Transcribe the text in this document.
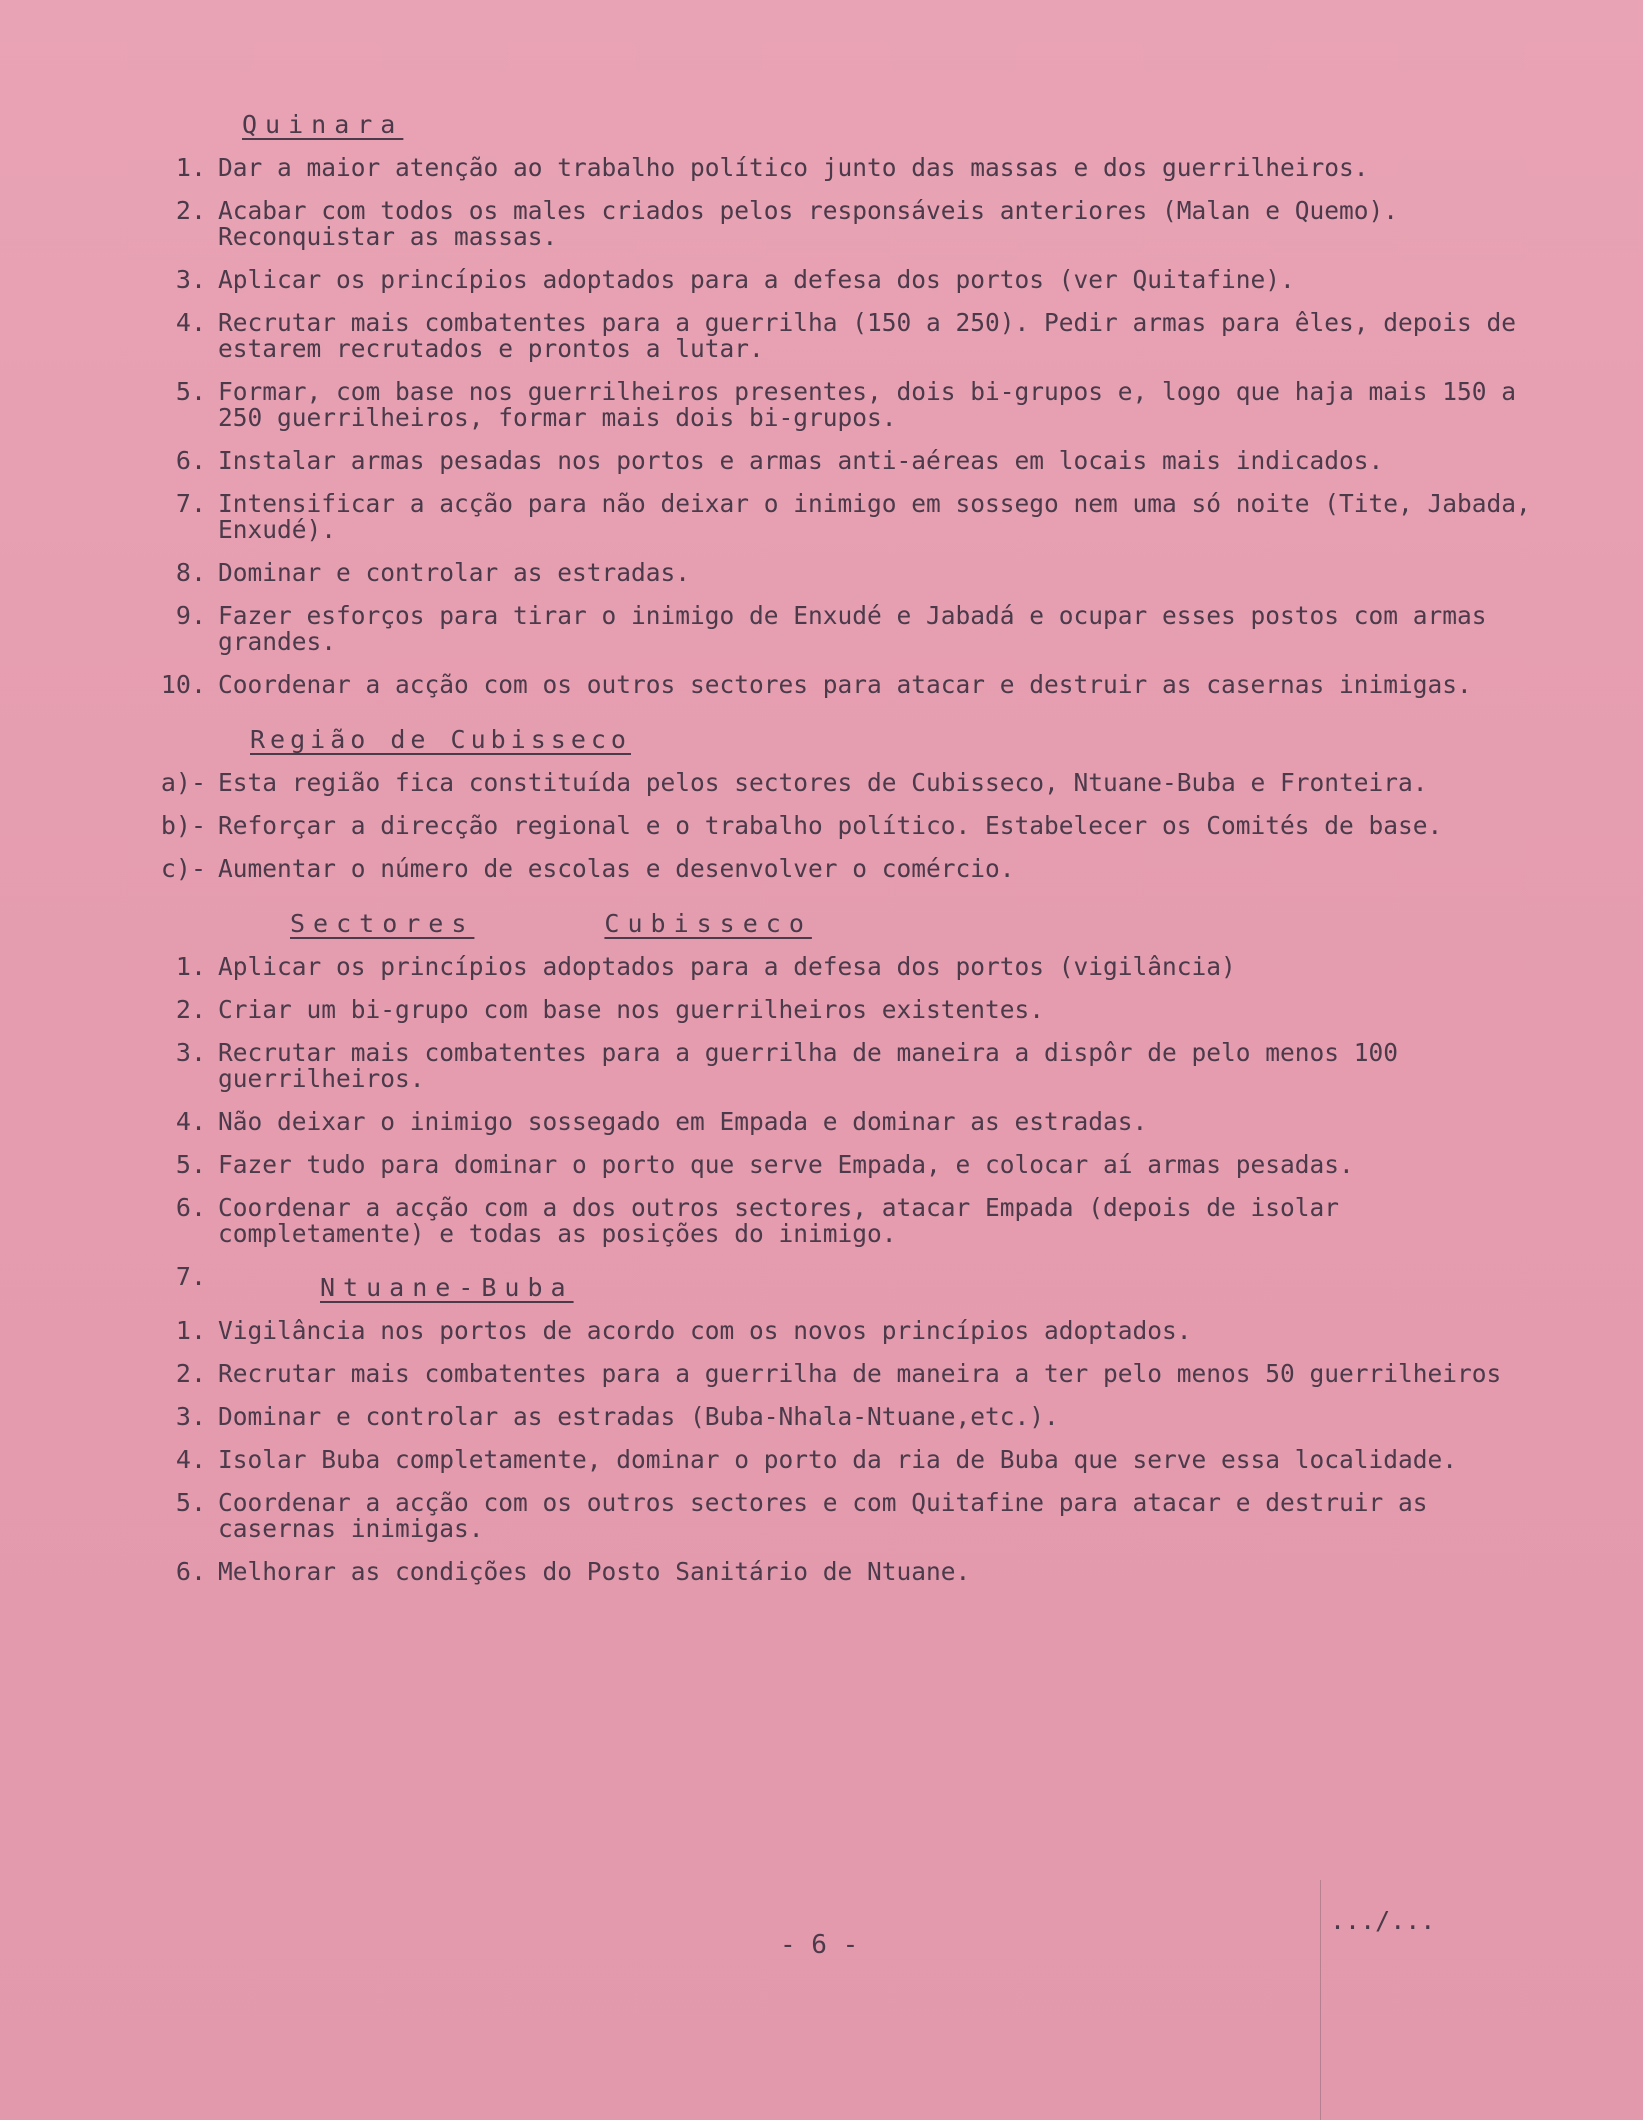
Quinara
1. Dar a maior atenção ao trabalho político junto das massas e dos guerrilheiros.
2. Acabar com todos os males criados pelos responsáveis anteriores (Malan e Quemo). Reconquistar as massas.
3. Aplicar os princípios adoptados para a defesa dos portos (ver Quitafine).
4. Recrutar mais combatentes para a guerrilha (150 a 250). Pedir armas para êles, depois de estarem recrutados e prontos a lutar.
5. Formar, com base nos guerrilheiros presentes, dois bi-grupos e, logo que haja mais 150 a 250 guerrilheiros, formar mais dois bi-grupos.
6. Instalar armas pesadas nos portos e armas anti-aéreas em locais mais indicados.
7. Intensificar a acção para não deixar o inimigo em sossego nem uma só noite (Tite, Jabada, Enxudé).
8. Dominar e controlar as estradas.
9. Fazer esforços para tirar o inimigo de Enxudé e Jabadá e ocupar esses postos com armas grandes.
10. Coordenar a acção com os outros sectores para atacar e destruir as casernas inimigas.
Região de Cubisseco
a)- Esta região fica constituída pelos sectores de Cubisseco, Ntuane-Buba e Fronteira.
b)- Reforçar a direcção regional e o trabalho político. Estabelecer os Comités de base.
c)- Aumentar o número de escolas e desenvolver o comércio.
Sectores	Cubisseco
1. Aplicar os princípios adoptados para a defesa dos portos (vigilância)
2. Criar um bi-grupo com base nos guerrilheiros existentes.
3. Recrutar mais combatentes para a guerrilha de maneira a dispôr de pelo menos 100 guerrilheiros.
4. Não deixar o inimigo sossegado em Empada e dominar as estradas.
5. Fazer tudo para dominar o porto que serve Empada, e colocar aí armas pesadas.
6. Coordenar a acção com a dos outros sectores, atacar Empada (depois de isolar completamente) e todas as posições do inimigo.
7.	Ntuane-Buba
1. Vigilância nos portos de acordo com os novos princípios adoptados.
2. Recrutar mais combatentes para a guerrilha de maneira a ter pelo menos 50 guerrilheiros
3. Dominar e controlar as estradas (Buba-Nhala-Ntuane,etc.).
4. Isolar Buba completamente, dominar o porto da ria de Buba que serve essa localidade.
5. Coordenar a acção com os outros sectores e com Quitafine para atacar e destruir as casernas inimigas.
6. Melhorar as condições do Posto Sanitário de Ntuane.
- 6 -
.../...
